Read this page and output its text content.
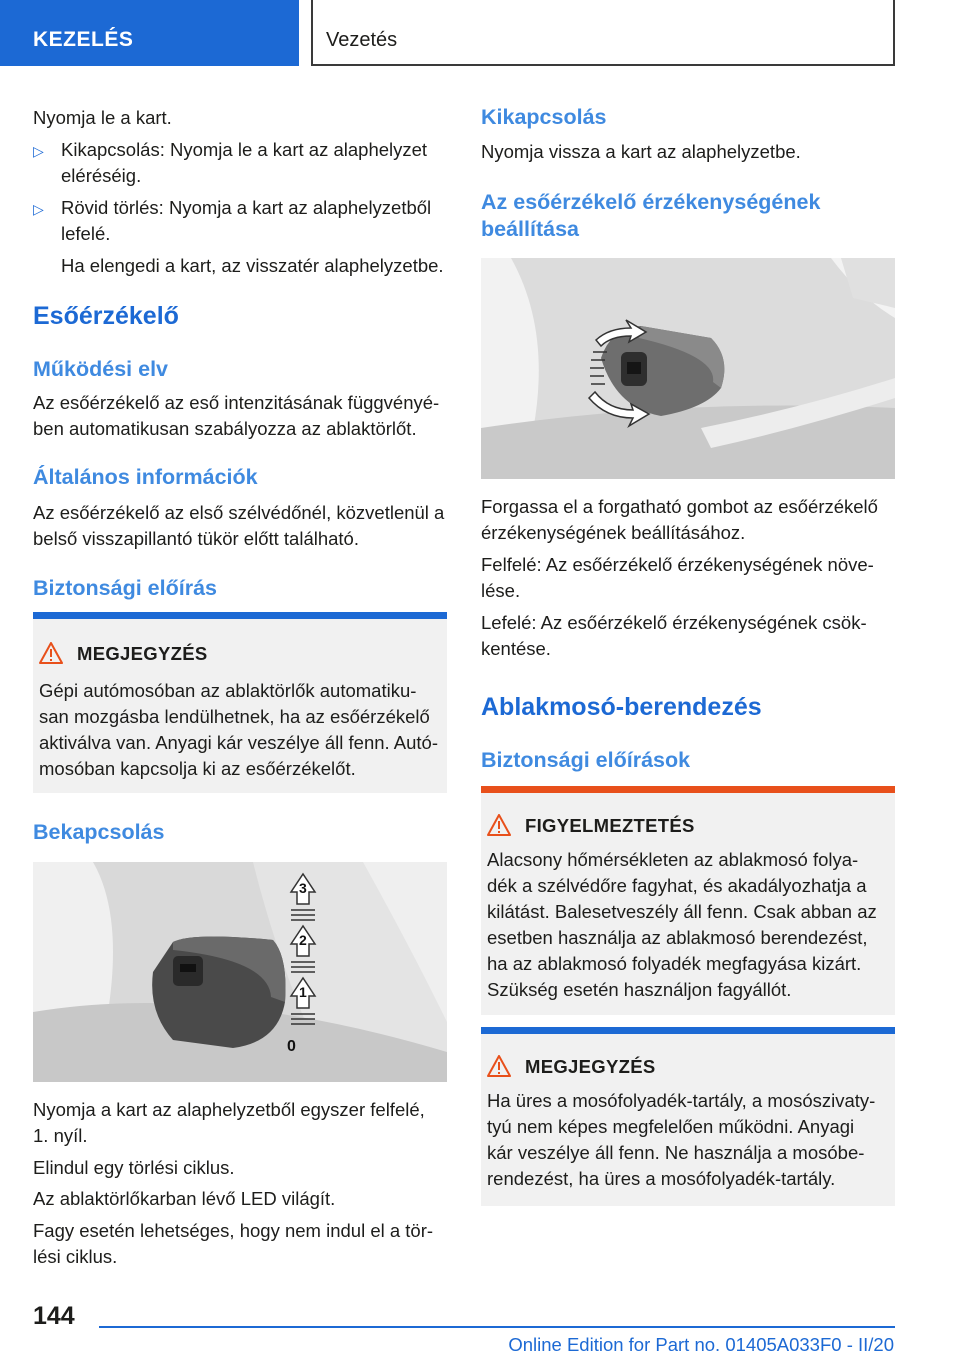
KEZELÉS	Vezetés
Nyomja le a kart.
▷ Kikapcsolás: Nyomja le a kart az alaphelyzet
eléréséig.
▷ Rövid törlés: Nyomja a kart az alaphelyzetből
lefelé.
Ha elengedi a kart, az visszatér alaphelyzetbe.
Esőérzékelő
Működési elv
Az esőérzékelő az eső intenzitásának függvényé-
ben automatikusan szabályozza az ablaktörlőt.
Általános információk
Az esőérzékelő az első szélvédőnél, közvetlenül a
belső visszapillantó tükör előtt található.
Biztonsági előírás
MEGJEGYZÉS
Gépi autómosóban az ablaktörlők automatiku-
san mozgásba lendülhetnek, ha az esőérzékelő
aktiválva van. Anyagi kár veszélye áll fenn. Autó-
mosóban kapcsolja ki az esőérzékelőt.
Bekapcsolás
3
2
1
0
Nyomja a kart az alaphelyzetből egyszer felfelé,
1. nyíl.
Elindul egy törlési ciklus.
Az ablaktörlőkarban lévő LED világít.
Fagy esetén lehetséges, hogy nem indul el a tör-
lési ciklus.
Kikapcsolás
Nyomja vissza a kart az alaphelyzetbe.
Az esőérzékelő érzékenységének
beállítása
Forgassa el a forgatható gombot az esőérzékelő
érzékenységének beállításához.
Felfelé: Az esőérzékelő érzékenységének növe-
lése.
Lefelé: Az esőérzékelő érzékenységének csök-
kentése.
Ablakmosó-berendezés
Biztonsági előírások
FIGYELMEZTETÉS
Alacsony hőmérsékleten az ablakmosó folya-
dék a szélvédőre fagyhat, és akadályozhatja a
kilátást. Balesetveszély áll fenn. Csak abban az
esetben használja az ablakmosó berendezést,
ha az ablakmosó folyadék megfagyása kizárt.
Szükség esetén használjon fagyállót.
MEGJEGYZÉS
Ha üres a mosófolyadék-tartály, a mosószivaty-
tyú nem képes megfelelően működni. Anyagi
kár veszélye áll fenn. Ne használja a mosóbe-
rendezést, ha üres a mosófolyadék-tartály.
144
Online Edition for Part no. 01405A033F0 - II/20
